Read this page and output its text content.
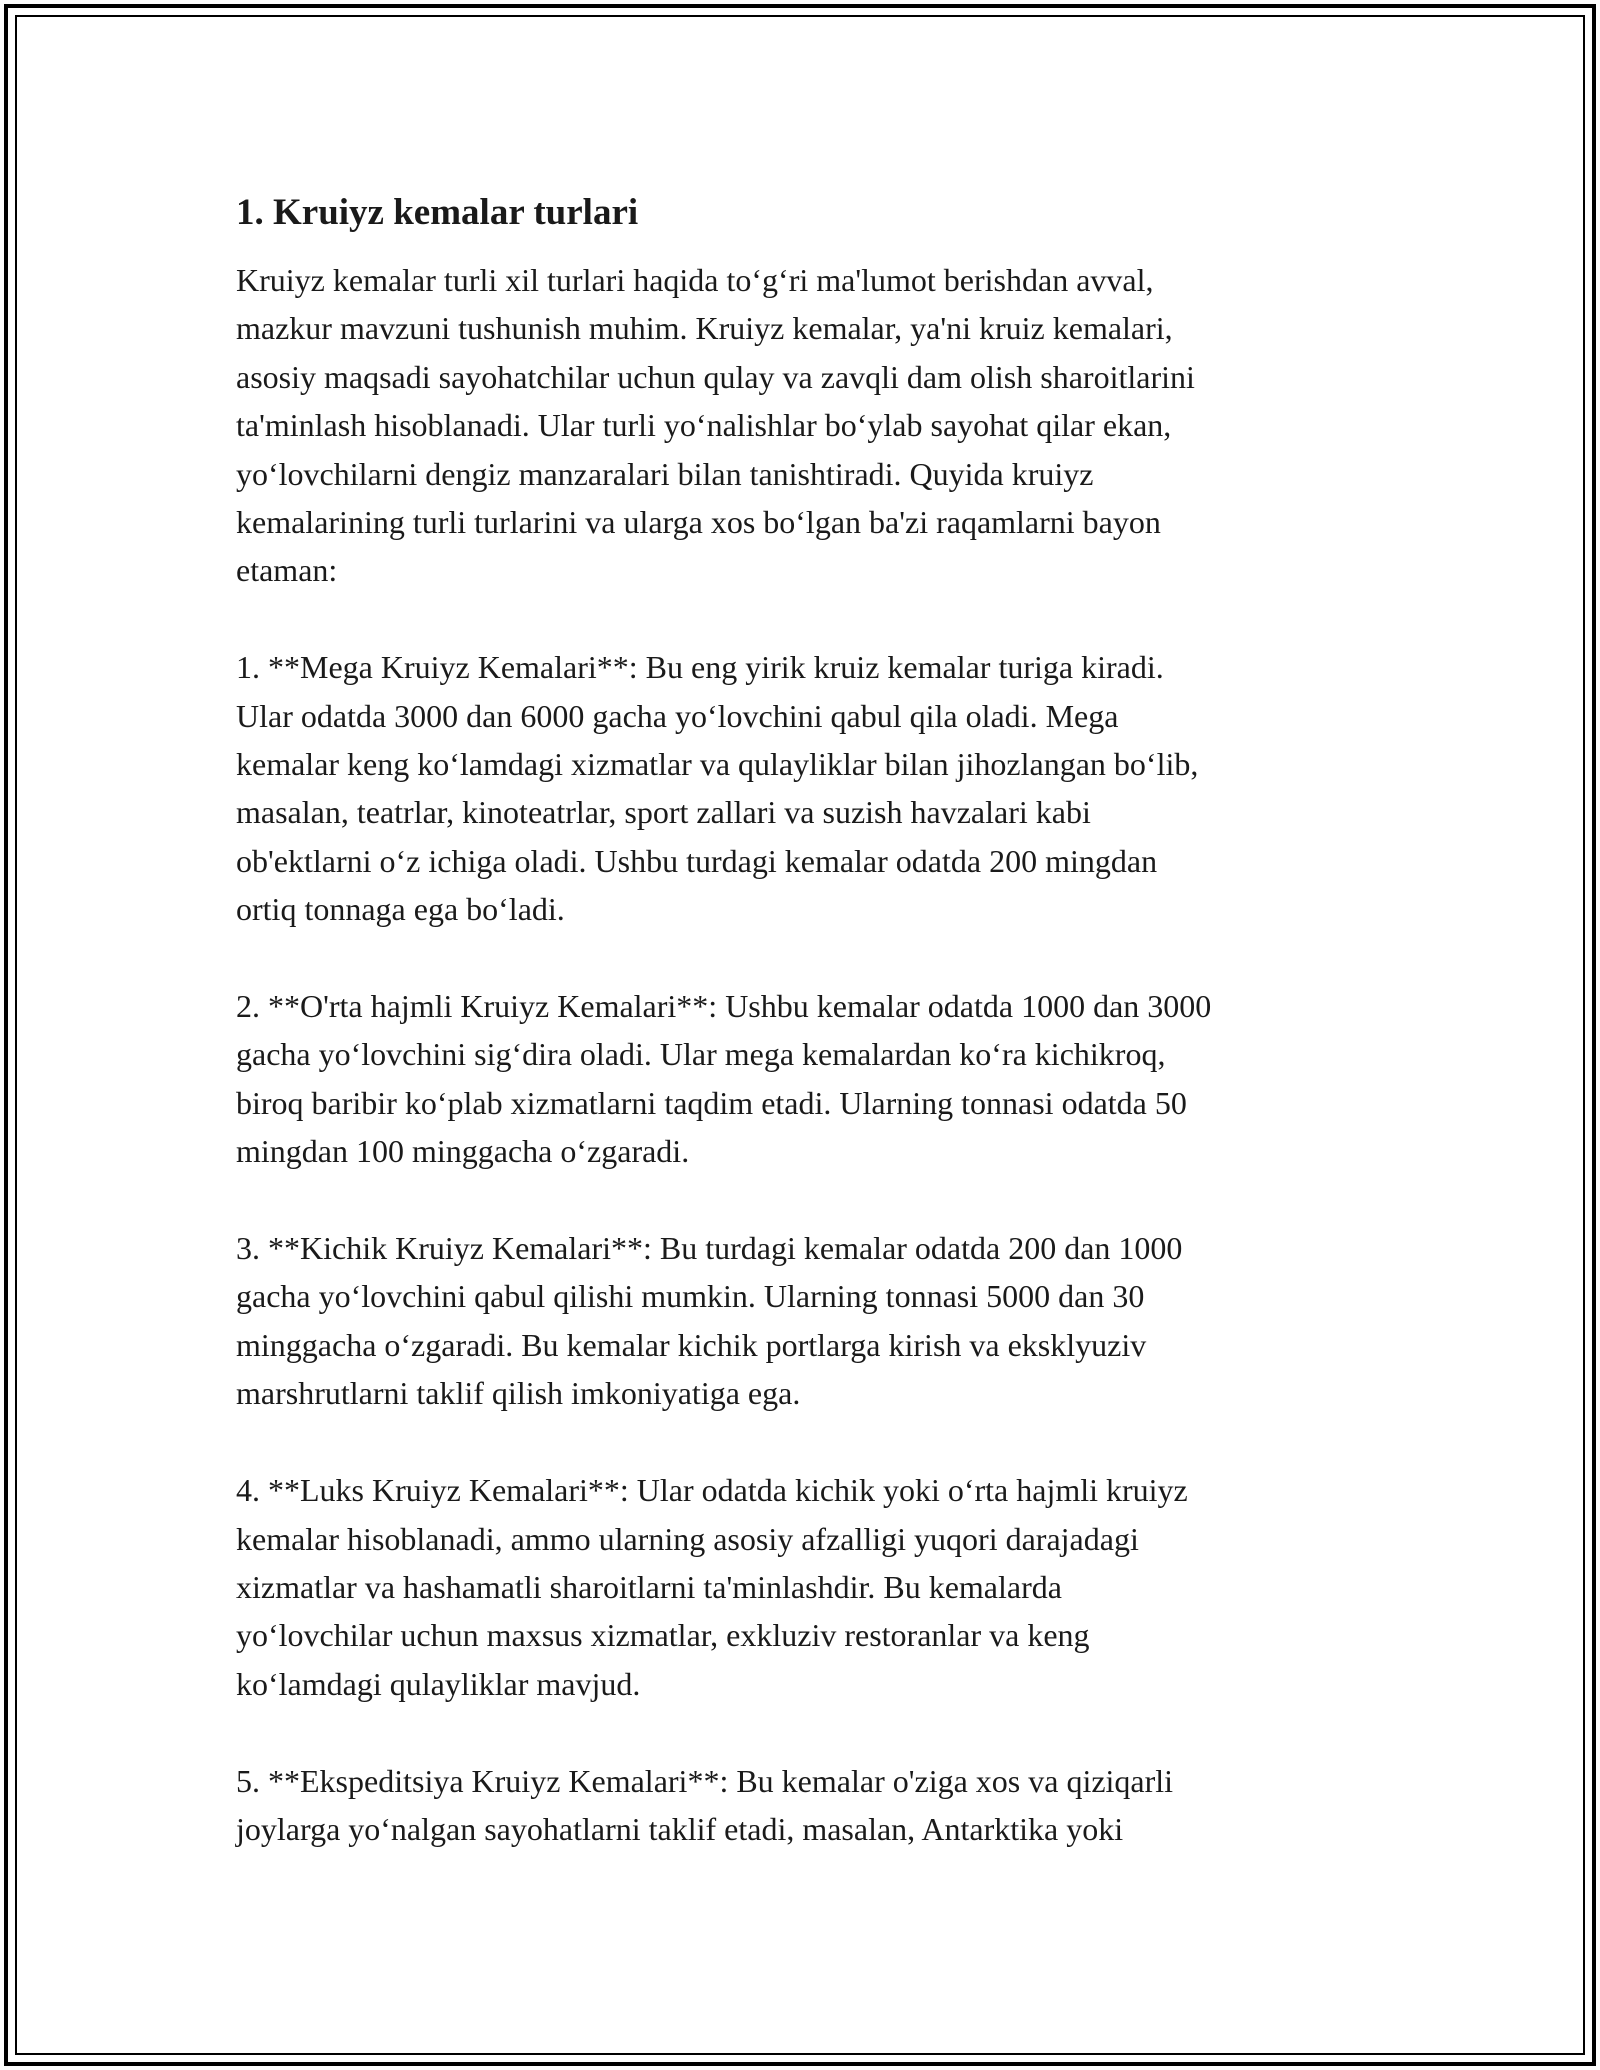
1. Kruiyz kemalar turlari

Kruiyz kemalar turli xil turlari haqida to‘g‘ri ma'lumot berishdan avval,
mazkur mavzuni tushunish muhim. Kruiyz kemalar, ya'ni kruiz kemalari,
asosiy maqsadi sayohatchilar uchun qulay va zavqli dam olish sharoitlarini
ta'minlash hisoblanadi. Ular turli yo‘nalishlar bo‘ylab sayohat qilar ekan,
yo‘lovchilarni dengiz manzaralari bilan tanishtiradi. Quyida kruiyz
kemalarining turli turlarini va ularga xos bo‘lgan ba'zi raqamlarni bayon
etaman:

1. **Mega Kruiyz Kemalari**: Bu eng yirik kruiz kemalar turiga kiradi.
Ular odatda 3000 dan 6000 gacha yo‘lovchini qabul qila oladi. Mega
kemalar keng ko‘lamdagi xizmatlar va qulayliklar bilan jihozlangan bo‘lib,
masalan, teatrlar, kinoteatrlar, sport zallari va suzish havzalari kabi
ob'ektlarni o‘z ichiga oladi. Ushbu turdagi kemalar odatda 200 mingdan
ortiq tonnaga ega bo‘ladi.

2. **O'rta hajmli Kruiyz Kemalari**: Ushbu kemalar odatda 1000 dan 3000
gacha yo‘lovchini sig‘dira oladi. Ular mega kemalardan ko‘ra kichikroq,
biroq baribir ko‘plab xizmatlarni taqdim etadi. Ularning tonnasi odatda 50
mingdan 100 minggacha o‘zgaradi.

3. **Kichik Kruiyz Kemalari**: Bu turdagi kemalar odatda 200 dan 1000
gacha yo‘lovchini qabul qilishi mumkin. Ularning tonnasi 5000 dan 30
minggacha o‘zgaradi. Bu kemalar kichik portlarga kirish va eksklyuziv
marshrutlarni taklif qilish imkoniyatiga ega.

4. **Luks Kruiyz Kemalari**: Ular odatda kichik yoki o‘rta hajmli kruiyz
kemalar hisoblanadi, ammo ularning asosiy afzalligi yuqori darajadagi
xizmatlar va hashamatli sharoitlarni ta'minlashdir. Bu kemalarda
yo‘lovchilar uchun maxsus xizmatlar, exkluziv restoranlar va keng
ko‘lamdagi qulayliklar mavjud.

5. **Ekspeditsiya Kruiyz Kemalari**: Bu kemalar o'ziga xos va qiziqarli
joylarga yo‘nalgan sayohatlarni taklif etadi, masalan, Antarktika yoki
